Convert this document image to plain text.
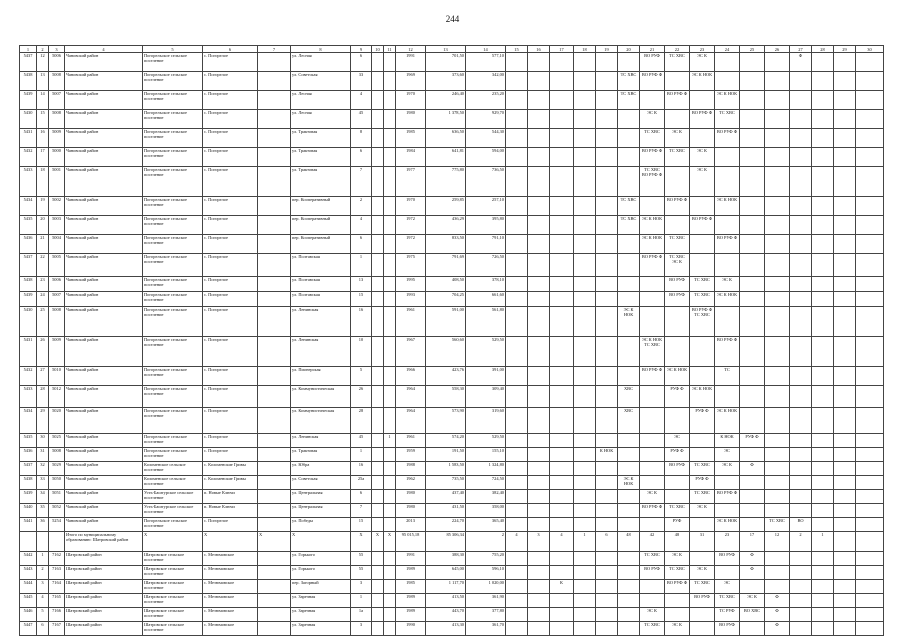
244
1	2	3	4	5	6	7	8	9	10	11	12	13	14	15	16	17	18	19	20	21	22	23	24	25	26	27	28	29	30
5437	12	5006	Чановский район	Погорельское сельское поселение	с. Погорелое		ул. Лесная	6			1991	701,50	577,10							ВО РУФ	ТС ХВС	ЭС К				Ф			
5438	13	5008	Чановский район	Погорельское сельское поселение	с. Погорелое		ул. Советская	33			1969	373,60	342,00						ТС ХВС	ВО РУФ Ф		ЭС К НОК							
5439	14	5007	Чановский район	Погорельское сельское поселение	с. Погорелое		ул. Лесная	4			1970	246,40	235,20						ТС ХВС		ВО РУФ Ф		ЭС К НОК						
5430	15	5008	Чановский район	Погорельское сельское поселение	с. Погорелое		ул. Лесная	45			1980	1 378,50	929,70							ЭС К		ВО РУФ Ф	ТС ХВС						
5431	16	5009	Чановский район	Погорельское сельское поселение	с. Погорелое		ул. Трактовая	8			1985	636,50	544,30							ТС ХВС	ЭС К		ВО РУФ Ф						
5432	17	5000	Чановский район	Погорельское сельское поселение	с. Погорелое		ул. Трактовая	6			1984	641,81	594,00							ВО РУФ Ф	ТС ХВС	ЭС К							
5433	18	5001	Чановский район	Погорельское сельское поселение	с. Погорелое		ул. Трактовая	7			1977	775,80	736,50							ТС ХВС ВО РУФ Ф		ЭС К							
5434	19	5002	Чановский район	Погорельское сельское поселение	с. Погорелое		пер. Кооперативный	2			1970	259,85	257,10						ТС ХВС		ВО РУФ Ф		ЭС К НОК						
5435	20	5003	Чановский район	Погорельское сельское поселение	с. Погорелое		пер. Кооперативный	4			1972	436,29	395,80						ТС ХВС	ЭС К НОК		ВО РУФ Ф							
5436	21	5004	Чановский район	Погорельское сельское поселение	с. Погорелое		пер. Кооперативный	6			1972	833,50	791,10							ЭС К НОК	ТС ХВС		ВО РУФ Ф						
5437	22	5005	Чановский район	Погорельское сельское поселение	с. Погорелое		ул. Полтавская	1			1975	791,69	726,50							ВО РУФ Ф	ТС ХВС ЭС К								
5438	23	5006	Чановский район	Погорельское сельское поселение	с. Погорелое		ул. Полтавская	13			1995	408,50	378,10								ВО РУФ	ТС ХВС	ЭС К						
5439	24	5007	Чановский район	Погорельское сельское поселение	с. Погорелое		ул. Полтавская	15			1993	704,25	661,60								ВО РУФ	ТС ХВС	ЭС К НОК						
5430	25	5008	Чановский район	Погорельское сельское поселение	с. Погорелое		ул. Ленинская	16			1961	591,00	561,80						ЭС К НОК			ВО РУФ Ф ТС ХВС							
5431	26	5009	Чановский район	Погорельское сельское поселение	с. Погорелое		ул. Ленинская	10			1967	560,60	529,50							ЭС К НОК ТС ХВС			ВО РУФ Ф						
5432	27	5010	Чановский район	Погорельское сельское поселение	с. Погорелое		ул. Пионерская	5			1966	423,76	391,00							ВО РУФ Ф	ЭС К НОК		ТС						
5433	28	5012	Чановский район	Погорельское сельское поселение	с. Погорелое		ул. Коммунистическая	26			1964	558,30	309,40						ХВС		РУФ Ф	ЭС К НОК							
5434	29	5020	Чановский район	Погорельское сельское поселение	с. Погорелое		ул. Коммунистическая	28			1964	573,90	319,60						ХВС			РУФ Ф	ЭС К НОК						
5435	30	5025	Чановский район	Погорельское сельское поселение	с. Погорелое		ул. Ленинская	45		1	1961	574,20	529,50								ЭС		К НОК	РУФ Ф					
5436	31	5008	Чановский район	Погорельское сельское поселение	с. Погорелое		ул. Трактовая	1			1959	191,50	155,10					К НОК			РУФ Ф		ЭС						
5437	32	5029	Чановский район	Коломенское сельское поселение	с. Коломенские Гривы		ул. Юбра	16			1988	1 583,50	1 324,80								ВО РУФ	ТС ХВС	ЭС К	Ф					
5438	33	5050	Чановский район	Коломенское сельское поселение	с. Коломенские Гривы		ул. Советская	25а			1962	735,50	724,50						ЭС К НОК			РУФ Ф							
5439	34	5051	Чановский район	Усть-Баштурское сельское поселение	п. Новые Ключи		ул. Центральная	6			1980	437,40	382,40							ЭС К		ТС ХВС	ВО РУФ Ф						
5440	35	5052	Чановский район	Усть-Баштурское сельское поселение	п. Новые Ключи		ул. Центральная	7			1980	431,50	358,00							ВО РУФ Ф	ТС ХВС	ЭС К							
5441	36	5254	Чановский район	Погорельское сельское поселение	с. Погорелое		ул. Победы	15			2013	224,70	365,40								РУФ		ЭС К НОК		ТС ХВС	ВО			
			Итого по муниципальному образованию: Шатровский район	X	X	X	X	X	X	X	95 015,18	85 306,34	2	4	3	4	1	6	48	42	48	31	23	17	12	2	1		
5442	1	7162	Шатровский район	Шатровское сельское поселение	с. Мезюмовское		ул. Горького	55			1991	388,30	755,20							ТС ХВС	ЭС К		ВО РУФ	Ф					
5443	2	7163	Шатровский район	Шатровское сельское поселение	с. Мезюмовское		ул. Горького	55			1989	645,00	596,10							ВО РУФ	ТС ХВС	ЭС К		Ф					
5444	3	7164	Шатровский район	Шатровское сельское поселение	с. Мезюмовское		пер. Загорный	3			1985	1 117,70	1 020,00			К					ВО РУФ Ф	ТС ХВС	ЭС						
5445	4	7165	Шатровский район	Шатровское сельское поселение	с. Мезюмовское		ул. Заречная	1			1989	413,50	361,90									ВО РУФ	ТС ХВС	ЭС К	Ф				
5446	5	7166	Шатровский район	Шатровское сельское поселение	с. Мезюмовское		ул. Заречная	1а			1989	443,70	377,80							ЭС К			ТС РУФ	ВО ХВС	Ф				
5447	6	7167	Шатровский район	Шатровское сельское поселение	с. Мезюмовское		ул. Заречная	3			1990	413,30	361,70							ТС ХВС	ЭС К		ВО РУФ		Ф				
